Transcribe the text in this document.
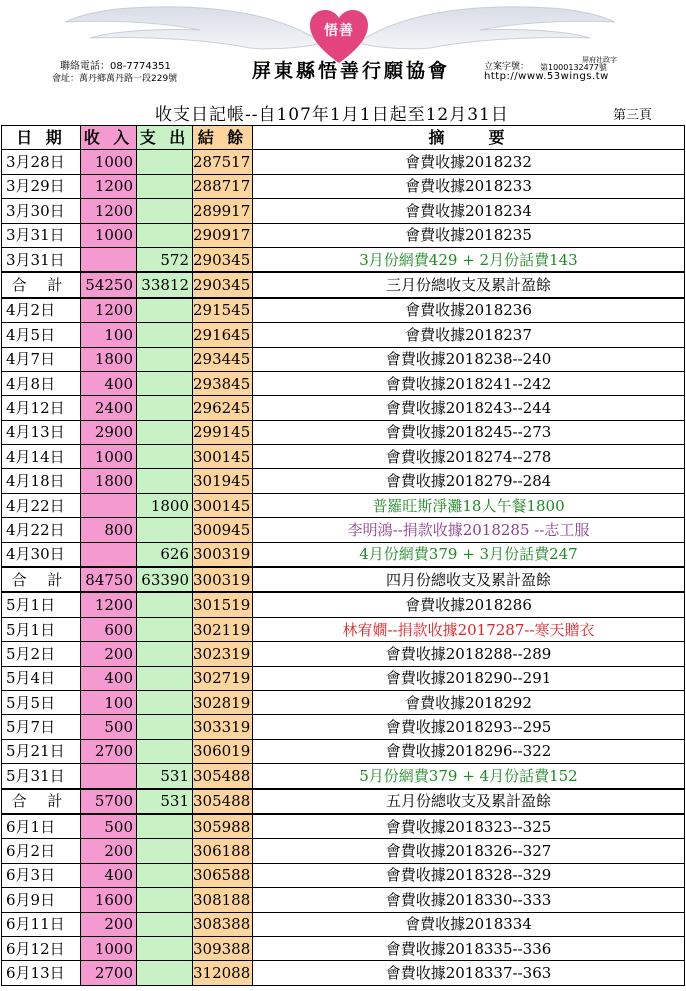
悟善
聯絡電話：08-7774351
會址：萬丹鄉萬丹路一段229號	屏東縣悟善行願協會	立案字號：
屏府社政字
第1000132477號
http://www.53wings.tw
收支日記帳--自107年1月1日起至12月31日	第三頁
日 期	收 入	支 出	結 餘	摘　　要
3月28日	1000		287517	會費收據2018232
3月29日	1200		288717	會費收據2018233
3月30日	1200		289917	會費收據2018234
3月31日	1000		290917	會費收據2018235
3月31日		572	290345	3月份網費429 + 2月份話費143
合 計	54250	33812	290345	三月份總收支及累計盈餘
4月2日	1200		291545	會費收據2018236
4月5日	100		291645	會費收據2018237
4月7日	1800		293445	會費收據2018238--240
4月8日	400		293845	會費收據2018241--242
4月12日	2400		296245	會費收據2018243--244
4月13日	2900		299145	會費收據2018245--273
4月14日	1000		300145	會費收據2018274--278
4月18日	1800		301945	會費收據2018279--284
4月22日		1800	300145	普羅旺斯淨灘18人午餐1800
4月22日	800		300945	李明鴻--捐款收據2018285 --志工服
4月30日		626	300319	4月份網費379 + 3月份話費247
合 計	84750	63390	300319	四月份總收支及累計盈餘
5月1日	1200		301519	會費收據2018286
5月1日	600		302119	林宥嫺--捐款收據2017287--寒天贈衣
5月2日	200		302319	會費收據2018288--289
5月4日	400		302719	會費收據2018290--291
5月5日	100		302819	會費收據2018292
5月7日	500		303319	會費收據2018293--295
5月21日	2700		306019	會費收據2018296--322
5月31日		531	305488	5月份網費379 + 4月份話費152
合 計	5700	531	305488	五月份總收支及累計盈餘
6月1日	500		305988	會費收據2018323--325
6月2日	200		306188	會費收據2018326--327
6月3日	400		306588	會費收據2018328--329
6月9日	1600		308188	會費收據2018330--333
6月11日	200		308388	會費收據2018334
6月12日	1000		309388	會費收據2018335--336
6月13日	2700		312088	會費收據2018337--363
